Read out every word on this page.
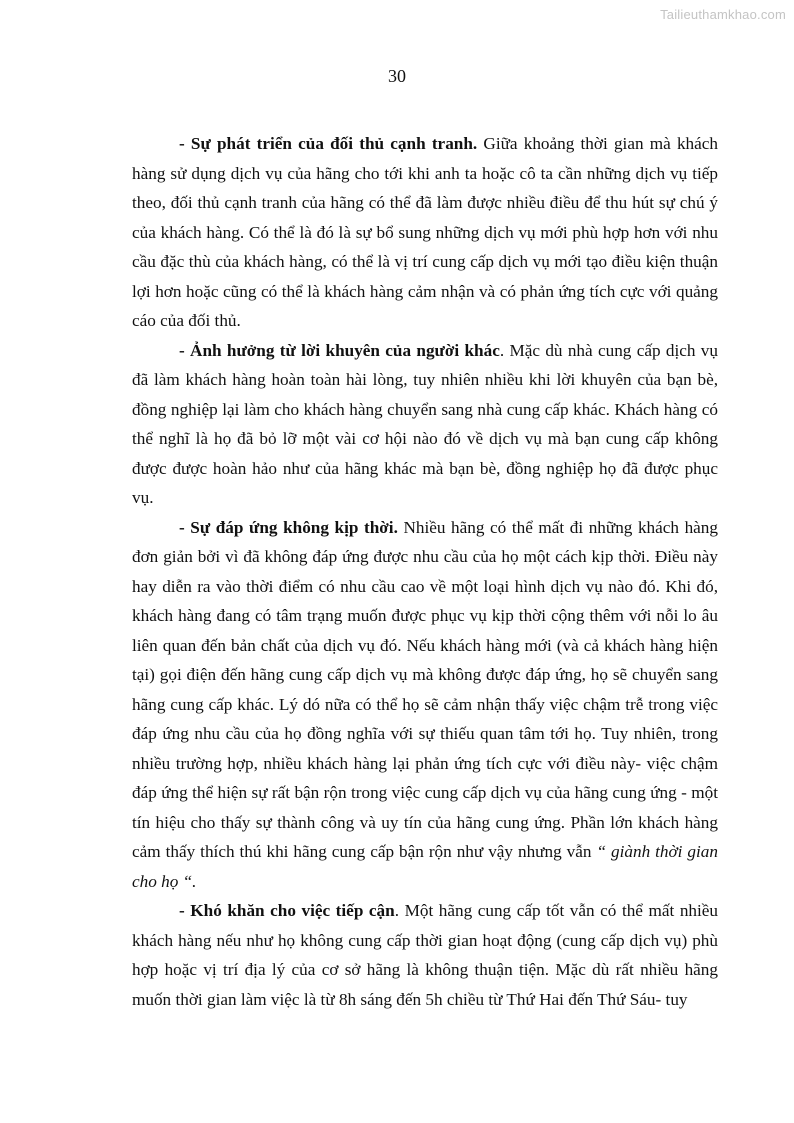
Tailieuthamkhao.com
30

- Sự phát triển của đối thủ cạnh tranh. Giữa khoảng thời gian mà khách hàng sử dụng dịch vụ của hãng cho tới khi anh ta hoặc cô ta cần những dịch vụ tiếp theo, đối thủ cạnh tranh của hãng có thể đã làm được nhiều điều để thu hút sự chú ý của khách hàng. Có thể là đó là sự bổ sung những dịch vụ mới phù hợp hơn với nhu cầu đặc thù của khách hàng, có thể là vị trí cung cấp dịch vụ mới tạo điều kiện thuận lợi hơn hoặc cũng có thể là khách hàng cảm nhận và có phản ứng tích cực với quảng cáo của đối thủ.

- Ảnh hưởng từ lời khuyên của người khác. Mặc dù nhà cung cấp dịch vụ đã làm khách hàng hoàn toàn hài lòng, tuy nhiên nhiều khi lời khuyên của bạn bè, đồng nghiệp lại làm cho khách hàng chuyển sang nhà cung cấp khác. Khách hàng có thể nghĩ là họ đã bỏ lỡ một vài cơ hội nào đó về dịch vụ mà bạn cung cấp không được được hoàn hảo như của hãng khác mà bạn bè, đồng nghiệp họ đã được phục vụ.

- Sự đáp ứng không kịp thời. Nhiều hãng có thể mất đi những khách hàng đơn giản bởi vì đã không đáp ứng được nhu cầu của họ một cách kịp thời. Điều này hay diễn ra vào thời điểm có nhu cầu cao về một loại hình dịch vụ nào đó. Khi đó, khách hàng đang có tâm trạng muốn được phục vụ kịp thời cộng thêm với nỗi lo âu liên quan đến bản chất của dịch vụ đó. Nếu khách hàng mới (và cả khách hàng hiện tại) gọi điện đến hãng cung cấp dịch vụ mà không được đáp ứng, họ sẽ chuyển sang hãng cung cấp khác. Lý dó nữa có thể họ sẽ cảm nhận thấy việc chậm trễ trong việc đáp ứng nhu cầu của họ đồng nghĩa với sự thiếu quan tâm tới họ. Tuy nhiên, trong nhiều trường hợp, nhiều khách hàng lại phản ứng tích cực với điều này- việc chậm đáp ứng thể hiện sự rất bận rộn trong việc cung cấp dịch vụ của hãng cung ứng - một tín hiệu cho thấy sự thành công và uy tín của hãng cung ứng. Phần lớn khách hàng cảm thấy thích thú khi hãng cung cấp bận rộn như vậy nhưng vẫn “ giành thời gian cho họ “.

- Khó khăn cho việc tiếp cận. Một hãng cung cấp tốt vẫn có thể mất nhiều khách hàng nếu như họ không cung cấp thời gian hoạt động (cung cấp dịch vụ) phù hợp hoặc vị trí địa lý của cơ sở hãng là không thuận tiện. Mặc dù rất nhiều hãng muốn thời gian làm việc là từ 8h sáng đến 5h chiều từ Thứ Hai đến Thứ Sáu- tuy
